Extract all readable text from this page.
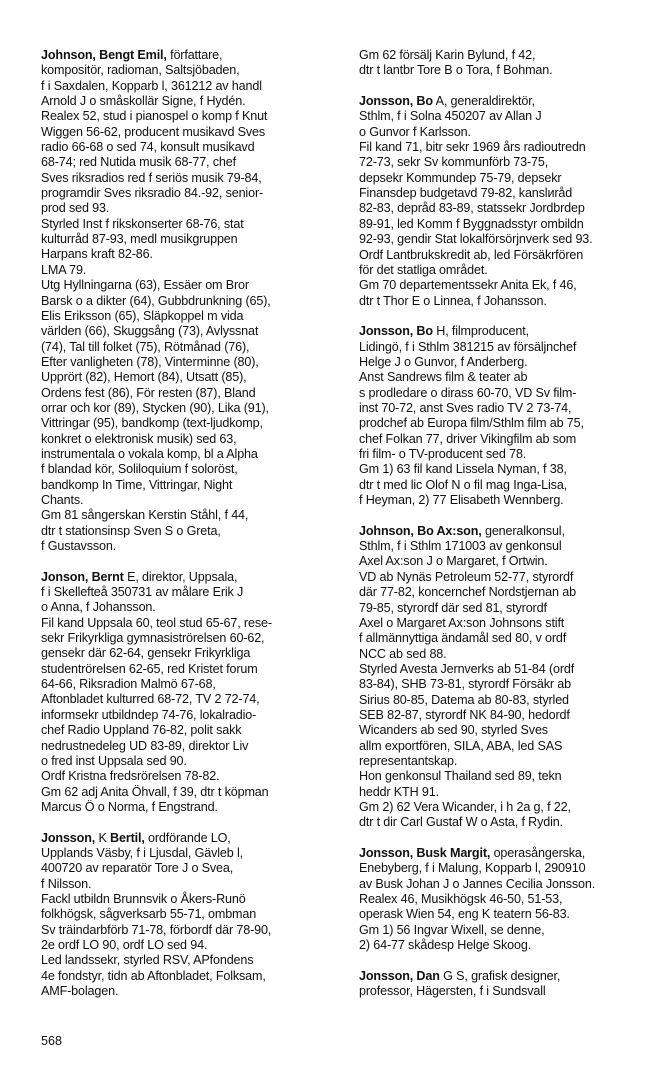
Johnson, Bengt Emil, författare,
kompositör, radioman, Saltsjöbaden,
f i Saxdalen, Kopparb l, 361212 av handl
Arnold J o småskollär Signe, f Hydén.
Realex 52, stud i pianospel o komp f Knut
Wiggen 56-62, producent musikavd Sves
radio 66-68 o sed 74, konsult musikavd
68-74; red Nutida musik 68-77, chef
Sves riksradios red f seriös musik 79-84,
programdir Sves riksradio 84.-92, senior-
prod sed 93.
Styrled Inst f rikskonserter 68-76, stat
kulturråd 87-93, medl musikgruppen
Harpans kraft 82-86.
LMA 79.
Utg Hyllningarna (63), Essäer om Bror
Barsk o a dikter (64), Gubbdrunkning (65),
Elis Eriksson (65), Släpkoppel m vida
världen (66), Skuggsång (73), Avlyssnat
(74), Tal till folket (75), Rötmånad (76),
Efter vanligheten (78), Vinterminne (80),
Upprört (82), Hemort (84), Utsatt (85),
Ordens fest (86), För resten (87), Bland
orrar och kor (89), Stycken (90), Lika (91),
Vittringar (95), bandkomp (text-ljudkomp,
konkret o elektronisk musik) sed 63,
instrumentala o vokala komp, bl a Alpha
f blandad kör, Soliloquium f soloröst,
bandkomp In Time, Vittringar, Night
Chants.
Gm 81 sångerskan Kerstin Ståhl, f 44,
dtr t stationsinsp Sven S o Greta,
f Gustavsson.
Jonson, Bernt E, direktor, Uppsala,
f i Skellefteå 350731 av målare Erik J
o Anna, f Johansson.
Fil kand Uppsala 60, teol stud 65-67, rese-
sekr Frikyrkliga gymnasiströrelsen 60-62,
gensekr där 62-64, gensekr Frikyrkliga
studentrörelsen 62-65, red Kristet forum
64-66, Riksradion Malmö 67-68,
Aftonbladet kulturred 68-72, TV 2 72-74,
informsekr utbildndep 74-76, lokalradio-
chef Radio Uppland 76-82, polit sakk
nedrustnedeleg UD 83-89, direktor Liv
o fred inst Uppsala sed 90.
Ordf Kristna fredsrörelsen 78-82.
Gm 62 adj Anita Öhvall, f 39, dtr t köpman
Marcus Ö o Norma, f Engstrand.
Jonsson, K Bertil, ordförande LO,
Upplands Väsby, f i Ljusdal, Gävleb l,
400720 av reparatör Tore J o Svea,
f Nilsson.
Fackl utbildn Brunnsvik o Åkers-Runö
folkhögsk, sågverksarb 55-71, ombman
Sv träindarbförb 71-78, förbordf där 78-90,
2e ordf LO 90, ordf LO sed 94.
Led landssekr, styrled RSV, APfondens
4e fondstyr, tidn ab Aftonbladet, Folksam,
AMF-bolagen.
Gm 62 försälj Karin Bylund, f 42,
dtr t lantbr Tore B o Tora, f Bohman.
Jonsson, Bo A, generaldirektör,
Sthlm, f i Solna 450207 av Allan J
o Gunvor f Karlsson.
Fil kand 71, bitr sekr 1969 års radioutredn
72-73, sekr Sv kommunförb 73-75,
depsekr Kommundep 75-79, depsekr
Finansdep budgetavd 79-82, kanslиråd
82-83, depråd 83-89, statssekr Jordbrdep
89-91, led Komm f Byggnadsstyr ombildn
92-93, gendir Stat lokalförsörjnverk sed 93.
Ordf Lantbrukskredit ab, led Försäkrfören
för det statliga området.
Gm 70 departementssekr Anita Ek, f 46,
dtr t Thor E o Linnea, f Johansson.
Jonsson, Bo H, filmproducent,
Lidingö, f i Sthlm 381215 av försäljnchef
Helge J o Gunvor, f Anderberg.
Anst Sandrews film & teater ab
s prodledare o dirass 60-70, VD Sv film-
inst 70-72, anst Sves radio TV 2 73-74,
prodchef ab Europa film/Sthlm film ab 75,
chef Folkan 77, driver Vikingfilm ab som
fri film- o TV-producent sed 78.
Gm 1) 63 fil kand Lissela Nyman, f 38,
dtr t med lic Olof N o fil mag Inga-Lisa,
f Heyman, 2) 77 Elisabeth Wennberg.
Johnson, Bo Ax:son, generalkonsul,
Sthlm, f i Sthlm 171003 av genkonsul
Axel Ax:son J o Margaret, f Ortwin.
VD ab Nynäs Petroleum 52-77, styrordf
där 77-82, koncernchef Nordstjernan ab
79-85, styrordf där sed 81, styrordf
Axel o Margaret Ax:son Johnsons stift
f allmännyttiga ändamål sed 80, v ordf
NCC ab sed 88.
Styrled Avesta Jernverks ab 51-84 (ordf
83-84), SHB 73-81, styrordf Försäkr ab
Sirius 80-85, Datema ab 80-83, styrled
SEB 82-87, styrordf NK 84-90, hedordf
Wicanders ab sed 90, styrled Sves
allm exportfören, SILA, ABA, led SAS
representantskap.
Hon genkonsul Thailand sed 89, tekn
heddr KTH 91.
Gm 2) 62 Vera Wicander, i h 2a g, f 22,
dtr t dir Carl Gustaf W o Asta, f Rydin.
Jonsson, Busk Margit, operasångerska,
Enebyberg, f i Malung, Kopparb l, 290910
av Busk Johan J o Jannes Cecilia Jonsson.
Realex 46, Musikhögsk 46-50, 51-53,
operask Wien 54, eng K teatern 56-83.
Gm 1) 56 Ingvar Wixell, se denne,
2) 64-77 skådesp Helge Skoog.
Jonsson, Dan G S, grafisk designer,
professor, Hägersten, f i Sundsvall
568
